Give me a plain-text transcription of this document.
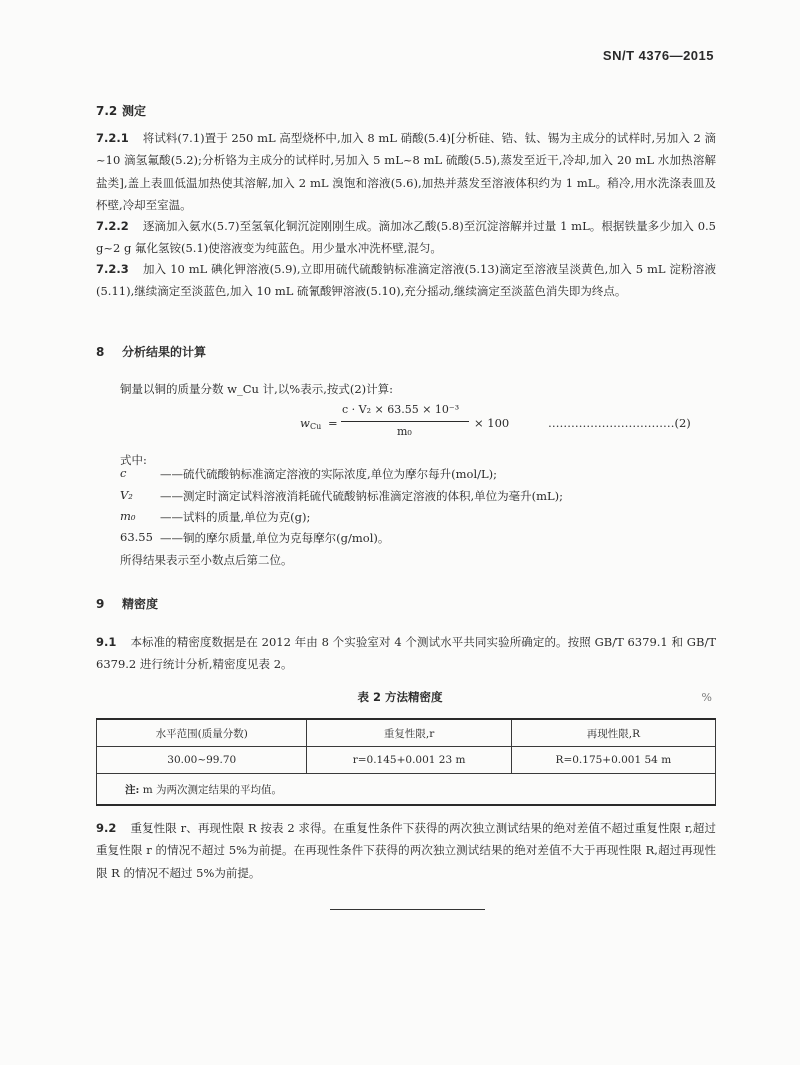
SN/T 4376—2015
7.2 测定
7.2.1 将试料(7.1)置于 250 mL 高型烧杯中,加入 8 mL 硝酸(5.4)[分析硅、锆、钛、锡为主成分的试样时,另加入 2 滴~10 滴氢氟酸(5.2);分析铬为主成分的试样时,另加入 5 mL~8 mL 硫酸(5.5),蒸发至近干,冷却,加入 20 mL 水加热溶解盐类],盖上表皿低温加热使其溶解,加入 2 mL 溴饱和溶液(5.6),加热并蒸发至溶液体积约为 1 mL。稍冷,用水洗涤表皿及杯壁,冷却至室温。
7.2.2 逐滴加入氨水(5.7)至氢氧化铜沉淀刚刚生成。滴加冰乙酸(5.8)至沉淀溶解并过量 1 mL。根据铁量多少加入 0.5 g~2 g 氟化氢铵(5.1)使溶液变为纯蓝色。用少量水冲洗杯壁,混匀。
7.2.3 加入 10 mL 碘化钾溶液(5.9),立即用硫代硫酸钠标准滴定溶液(5.13)滴定至溶液呈淡黄色,加入 5 mL 淀粉溶液(5.11),继续滴定至淡蓝色,加入 10 mL 硫氰酸钾溶液(5.10),充分摇动,继续滴定至淡蓝色消失即为终点。
8 分析结果的计算
铜量以铜的质量分数 w_Cu 计,以%表示,按式(2)计算:
w Cu =
c · V₂ × 63.55 × 10⁻³
m₀
× 100	……………………………(2)
式中:
c	——硫代硫酸钠标准滴定溶液的实际浓度,单位为摩尔每升(mol/L);
V₂ ——测定时滴定试料溶液消耗硫代硫酸钠标准滴定溶液的体积,单位为毫升(mL);
m₀ ——试料的质量,单位为克(g);
63.55 ——铜的摩尔质量,单位为克每摩尔(g/mol)。
所得结果表示至小数点后第二位。
9 精密度
9.1 本标准的精密度数据是在 2012 年由 8 个实验室对 4 个测试水平共同实验所确定的。按照 GB/T 6379.1 和 GB/T 6379.2 进行统计分析,精密度见表 2。
表 2 方法精密度	%
水平范围(质量分数)	重复性限,r	再现性限,R
30.00~99.70	r=0.145+0.001 23 m	R=0.175+0.001 54 m
注: m 为两次测定结果的平均值。		
9.2 重复性限 r、再现性限 R 按表 2 求得。在重复性条件下获得的两次独立测试结果的绝对差值不超过重复性限 r,超过重复性限 r 的情况不超过 5%为前提。在再现性条件下获得的两次独立测试结果的绝对差值不大于再现性限 R,超过再现性限 R 的情况不超过 5%为前提。
